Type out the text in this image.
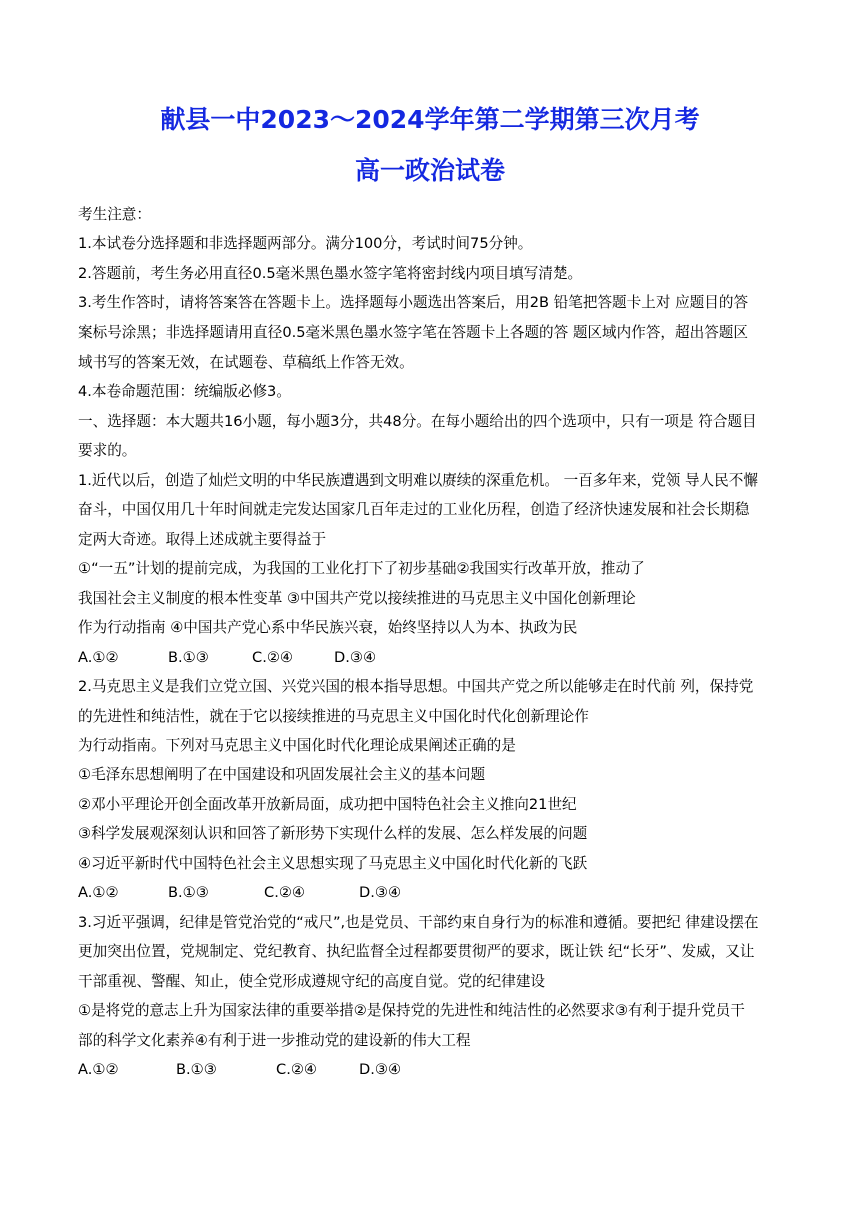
献县一中2023～2024学年第二学期第三次月考
高一政治试卷
考生注意：
1.本试卷分选择题和非选择题两部分。满分100分，考试时间75分钟。
2.答题前，考生务必用直径0.5毫米黑色墨水签字笔将密封线内项目填写清楚。
3.考生作答时，请将答案答在答题卡上。选择题每小题选出答案后，用2B 铅笔把答题卡上对 应题目的答
案标号涂黑；非选择题请用直径0.5毫米黑色墨水签字笔在答题卡上各题的答 题区域内作答，超出答题区
域书写的答案无效，在试题卷、草稿纸上作答无效。
4.本卷命题范围：统编版必修3。
一、选择题：本大题共16小题，每小题3分，共48分。在每小题给出的四个选项中，只有一项是 符合题目
要求的。
1.近代以后，创造了灿烂文明的中华民族遭遇到文明难以赓续的深重危机。 一百多年来，党领 导人民不懈
奋斗，中国仅用几十年时间就走完发达国家几百年走过的工业化历程，创造了经济快速发展和社会长期稳
定两大奇迹。取得上述成就主要得益于
①“一五”计划的提前完成，为我国的工业化打下了初步基础②我国实行改革开放，推动了
我国社会主义制度的根本性变革 ③中国共产党以接续推进的马克思主义中国化创新理论
作为行动指南 ④中国共产党心系中华民族兴衰，始终坚持以人为本、执政为民
A.①②	B.①③	C.②④	D.③④
2.马克思主义是我们立党立国、兴党兴国的根本指导思想。中国共产党之所以能够走在时代前 列，保持党
的先进性和纯洁性，就在于它以接续推进的马克思主义中国化时代化创新理论作
为行动指南。下列对马克思主义中国化时代化理论成果阐述正确的是
①毛泽东思想阐明了在中国建设和巩固发展社会主义的基本问题
②邓小平理论开创全面改革开放新局面，成功把中国特色社会主义推向21世纪
③科学发展观深刻认识和回答了新形势下实现什么样的发展、怎么样发展的问题
④习近平新时代中国特色社会主义思想实现了马克思主义中国化时代化新的飞跃
A.①②	B.①③	C.②④	D.③④
3.习近平强调，纪律是管党治党的“戒尺”,也是党员、干部约束自身行为的标准和遵循。要把纪 律建设摆在
更加突出位置，党规制定、党纪教育、执纪监督全过程都要贯彻严的要求，既让铁 纪“长牙”、发威，又让
干部重视、警醒、知止，使全党形成遵规守纪的高度自觉。党的纪律建设
①是将党的意志上升为国家法律的重要举措②是保持党的先进性和纯洁性的必然要求③有利于提升党员干
部的科学文化素养④有利于进一步推动党的建设新的伟大工程
A.①②	B.①③	C.②④	D.③④
